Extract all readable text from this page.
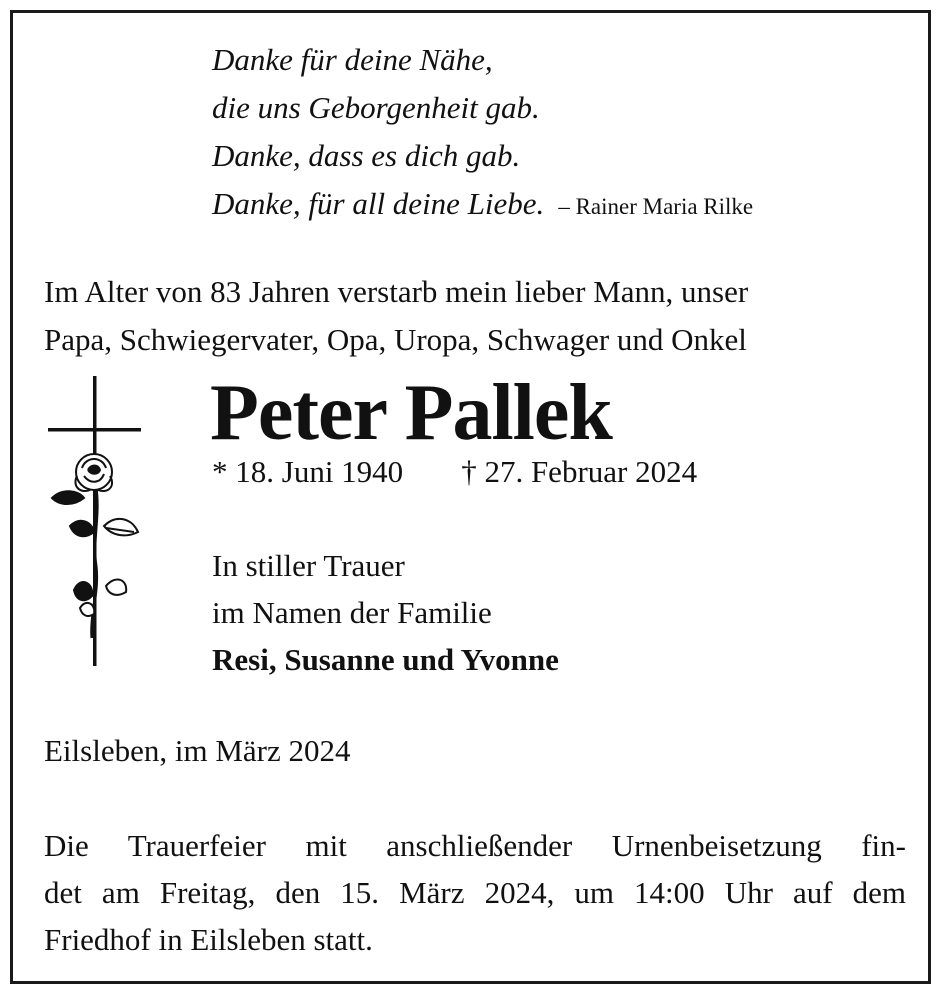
Danke für deine Nähe,
die uns Geborgenheit gab.
Danke, dass es dich gab.
Danke, für all deine Liebe. – Rainer Maria Rilke
Im Alter von 83 Jahren verstarb mein lieber Mann, unser
Papa, Schwiegervater, Opa, Uropa, Schwager und Onkel
Peter Pallek
* 18. Juni 1940 † 27. Februar 2024
In stiller Trauer
im Namen der Familie
Resi, Susanne und Yvonne
Eilsleben, im März 2024
Die Trauerfeier mit anschließender Urnenbeisetzung fin-
det am Freitag, den 15. März 2024, um 14:00 Uhr auf dem
Friedhof in Eilsleben statt.
